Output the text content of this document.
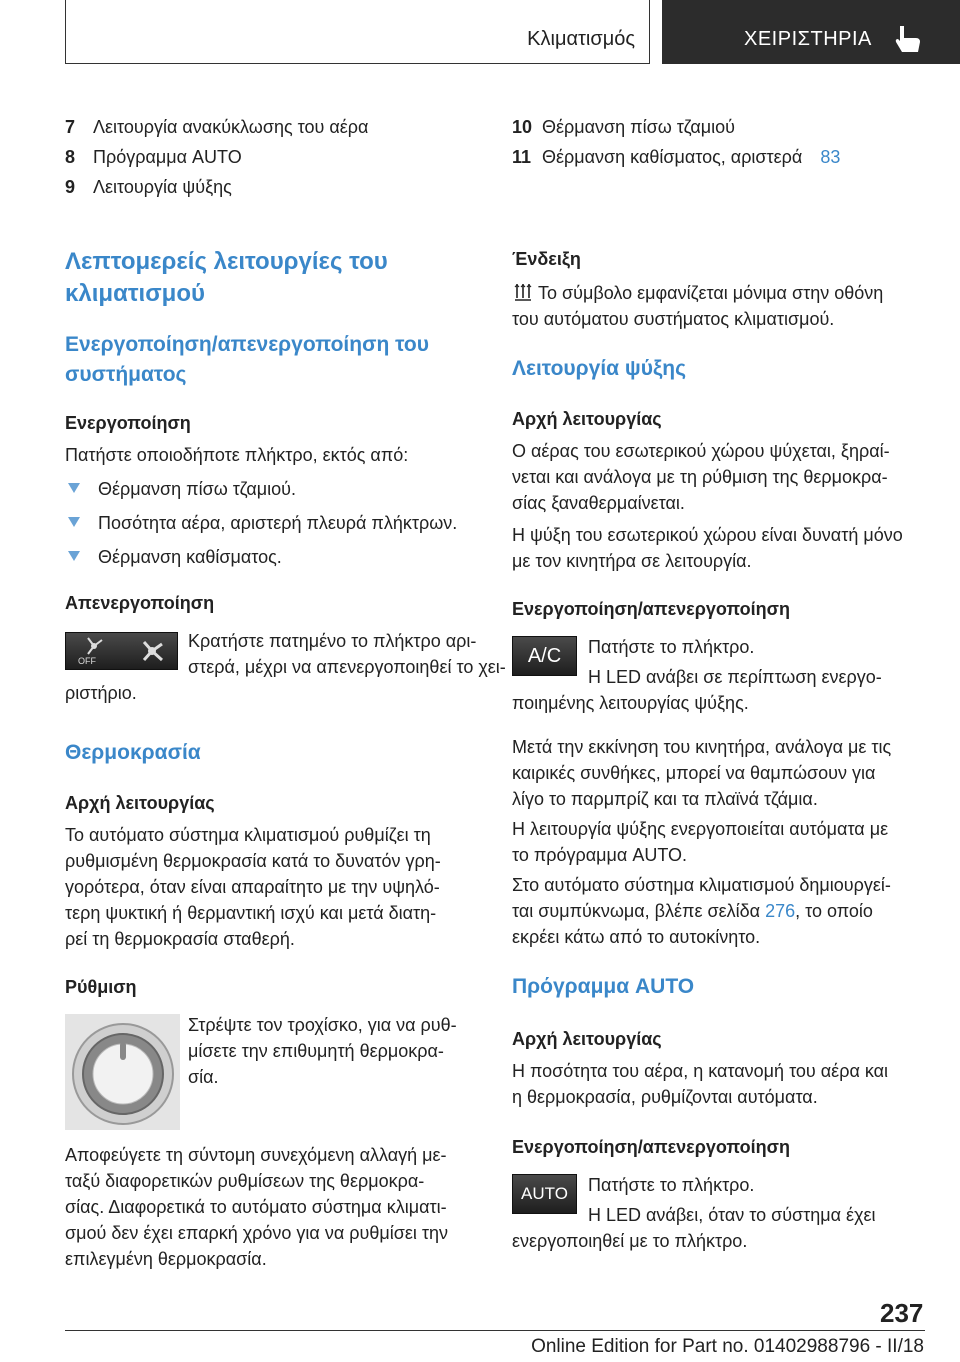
Κλιματισμός	ΧΕΙΡΙΣΤΗΡΙΑ
7 Λειτουργία ανακύκλωσης του αέρα
8 Πρόγραμμα AUTO
9 Λειτουργία ψύξης
Λεπτομερείς λειτουργίες του
κλιματισμού
Ενεργοποίηση/απενεργοποίηση του
συστήματος
Ενεργοποίηση
Πατήστε οποιοδήποτε πλήκτρο, εκτός από:
Θέρμανση πίσω τζαμιού.
Ποσότητα αέρα, αριστερή πλευρά πλήκτρων.
Θέρμανση καθίσματος.
Απενεργοποίηση
OFF
Κρατήστε πατημένο το πλήκτρο αρι‐
στερά, μέχρι να απενεργοποιηθεί το χει‐
ριστήριο.
Θερμοκρασία
Αρχή λειτουργίας
Το αυτόματο σύστημα κλιματισμού ρυθμίζει τη
ρυθμισμένη θερμοκρασία κατά το δυνατόν γρη‐
γορότερα, όταν είναι απαραίτητο με την υψηλό‐
τερη ψυκτική ή θερμαντική ισχύ και μετά διατη‐
ρεί τη θερμοκρασία σταθερή.
Ρύθμιση
Στρέψτε τον τροχίσκο, για να ρυθ‐
μίσετε την επιθυμητή θερμοκρα‐
σία.
Αποφεύγετε τη σύντομη συνεχόμενη αλλαγή με‐
ταξύ διαφορετικών ρυθμίσεων της θερμοκρα‐
σίας. Διαφορετικά το αυτόματο σύστημα κλιματι‐
σμού δεν έχει επαρκή χρόνο για να ρυθμίσει την
επιλεγμένη θερμοκρασία.
10 Θέρμανση πίσω τζαμιού
11 Θέρμανση καθίσματος, αριστερά 83
Ένδειξη
Το σύμβολο εμφανίζεται μόνιμα στην οθόνη
του αυτόματου συστήματος κλιματισμού.
Λειτουργία ψύξης
Αρχή λειτουργίας
Ο αέρας του εσωτερικού χώρου ψύχεται, ξηραί‐
νεται και ανάλογα με τη ρύθμιση της θερμοκρα‐
σίας ξαναθερμαίνεται.
Η ψύξη του εσωτερικού χώρου είναι δυνατή μόνο
με τον κινητήρα σε λειτουργία.
Ενεργοποίηση/απενεργοποίηση
A/C Πατήστε το πλήκτρο.
Η LED ανάβει σε περίπτωση ενεργο‐
ποιημένης λειτουργίας ψύξης.
Μετά την εκκίνηση του κινητήρα, ανάλογα με τις
καιρικές συνθήκες, μπορεί να θαμπώσουν για
λίγο το παρμπρίζ και τα πλαϊνά τζάμια.
Η λειτουργία ψύξης ενεργοποιείται αυτόματα με
το πρόγραμμα AUTO.
Στο αυτόματο σύστημα κλιματισμού δημιουργεί‐
ται συμπύκνωμα, βλέπε σελίδα 276, το οποίο
εκρέει κάτω από το αυτοκίνητο.
Πρόγραμμα AUTO
Αρχή λειτουργίας
Η ποσότητα του αέρα, η κατανομή του αέρα και
η θερμοκρασία, ρυθμίζονται αυτόματα.
Ενεργοποίηση/απενεργοποίηση
AUTO Πατήστε το πλήκτρο.
Η LED ανάβει, όταν το σύστημα έχει
ενεργοποιηθεί με το πλήκτρο.
237
Online Edition for Part no. 01402988796 - II/18
